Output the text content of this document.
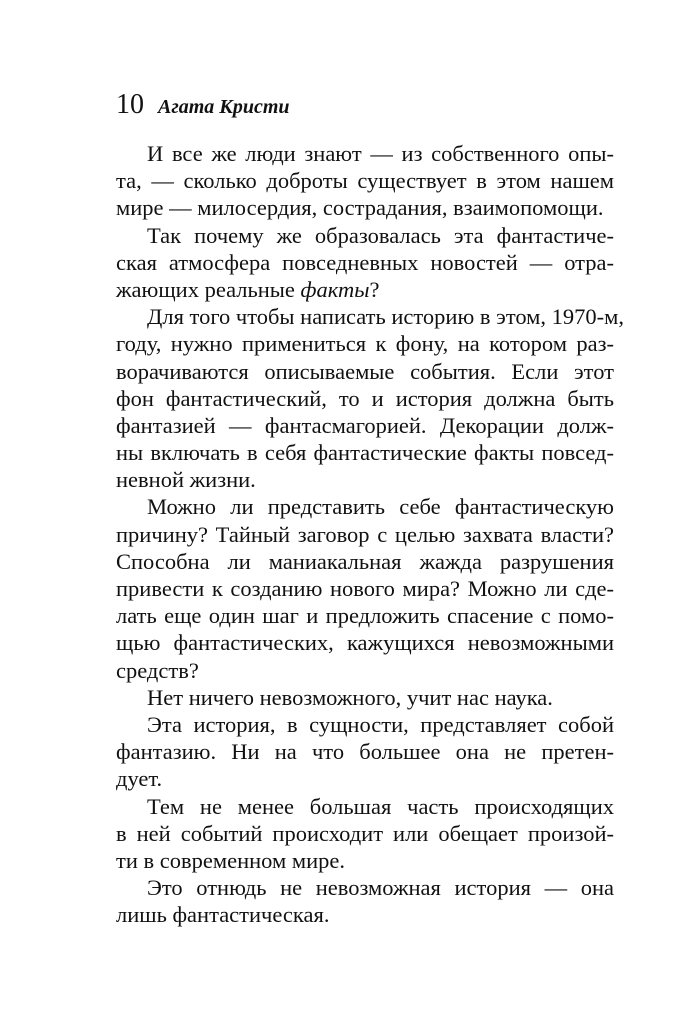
10 Агата Кристи
И все же люди знают — из собственного опы-
та, — сколько доброты существует в этом нашем
мире — милосердия, сострадания, взаимопомощи.
Так почему же образовалась эта фантастиче-
ская атмосфера повседневных новостей — отра-
жающих реальные факты?
Для того чтобы написать историю в этом, 1970-м,
году, нужно примениться к фону, на котором раз-
ворачиваются описываемые события. Если этот
фон фантастический, то и история должна быть
фантазией — фантасмагорией. Декорации долж-
ны включать в себя фантастические факты повсед-
невной жизни.
Можно ли представить себе фантастическую
причину? Тайный заговор с целью захвата власти?
Способна ли маниакальная жажда разрушения
привести к созданию нового мира? Можно ли сде-
лать еще один шаг и предложить спасение с помо-
щью фантастических, кажущихся невозможными
средств?
Нет ничего невозможного, учит нас наука.
Эта история, в сущности, представляет собой
фантазию. Ни на что большее она не претен-
дует.
Тем не менее большая часть происходящих
в ней событий происходит или обещает произой-
ти в современном мире.
Это отнюдь не невозможная история — она
лишь фантастическая.
